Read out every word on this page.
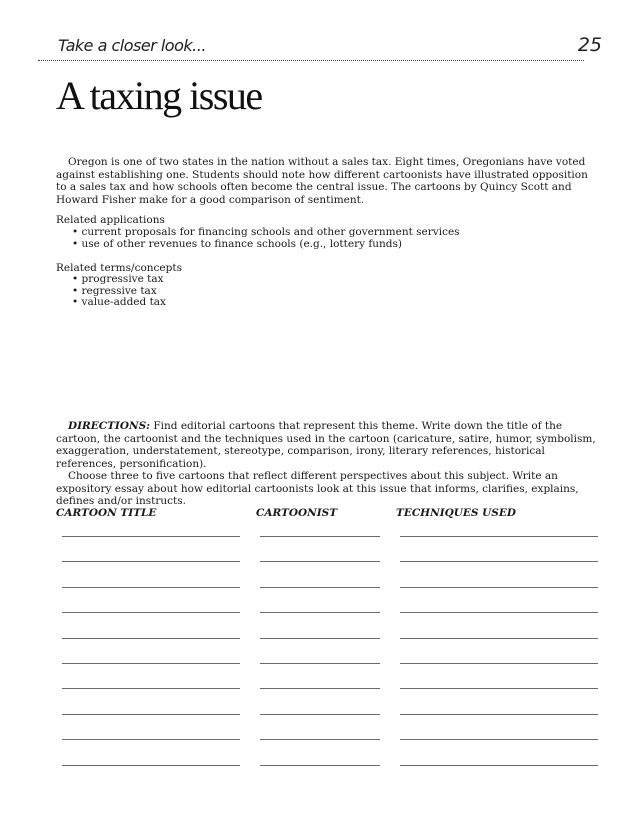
Take a closer look...	25
A taxing issue

Oregon is one of two states in the nation without a sales tax. Eight times, Oregonians have voted against establishing one. Students should note how different cartoonists have illustrated opposition to a sales tax and how schools often become the central issue. The cartoons by Quincy Scott and Howard Fisher make for a good comparison of sentiment.

Related applications
• current proposals for financing schools and other government services
• use of other revenues to finance schools (e.g., lottery funds)
Related terms/concepts
• progressive tax
• regressive tax
• value-added tax

DIRECTIONS: Find editorial cartoons that represent this theme. Write down the title of the cartoon, the cartoonist and the techniques used in the cartoon (caricature, satire, humor, symbolism, exaggeration, understatement, stereotype, comparison, irony, literary references, historical references, personification).

Choose three to five cartoons that reflect different perspectives about this subject. Write an expository essay about how editorial cartoonists look at this issue that informs, clarifies, explains, defines and/or instructs.

CARTOON TITLE	CARTOONIST	TECHNIQUES USED
